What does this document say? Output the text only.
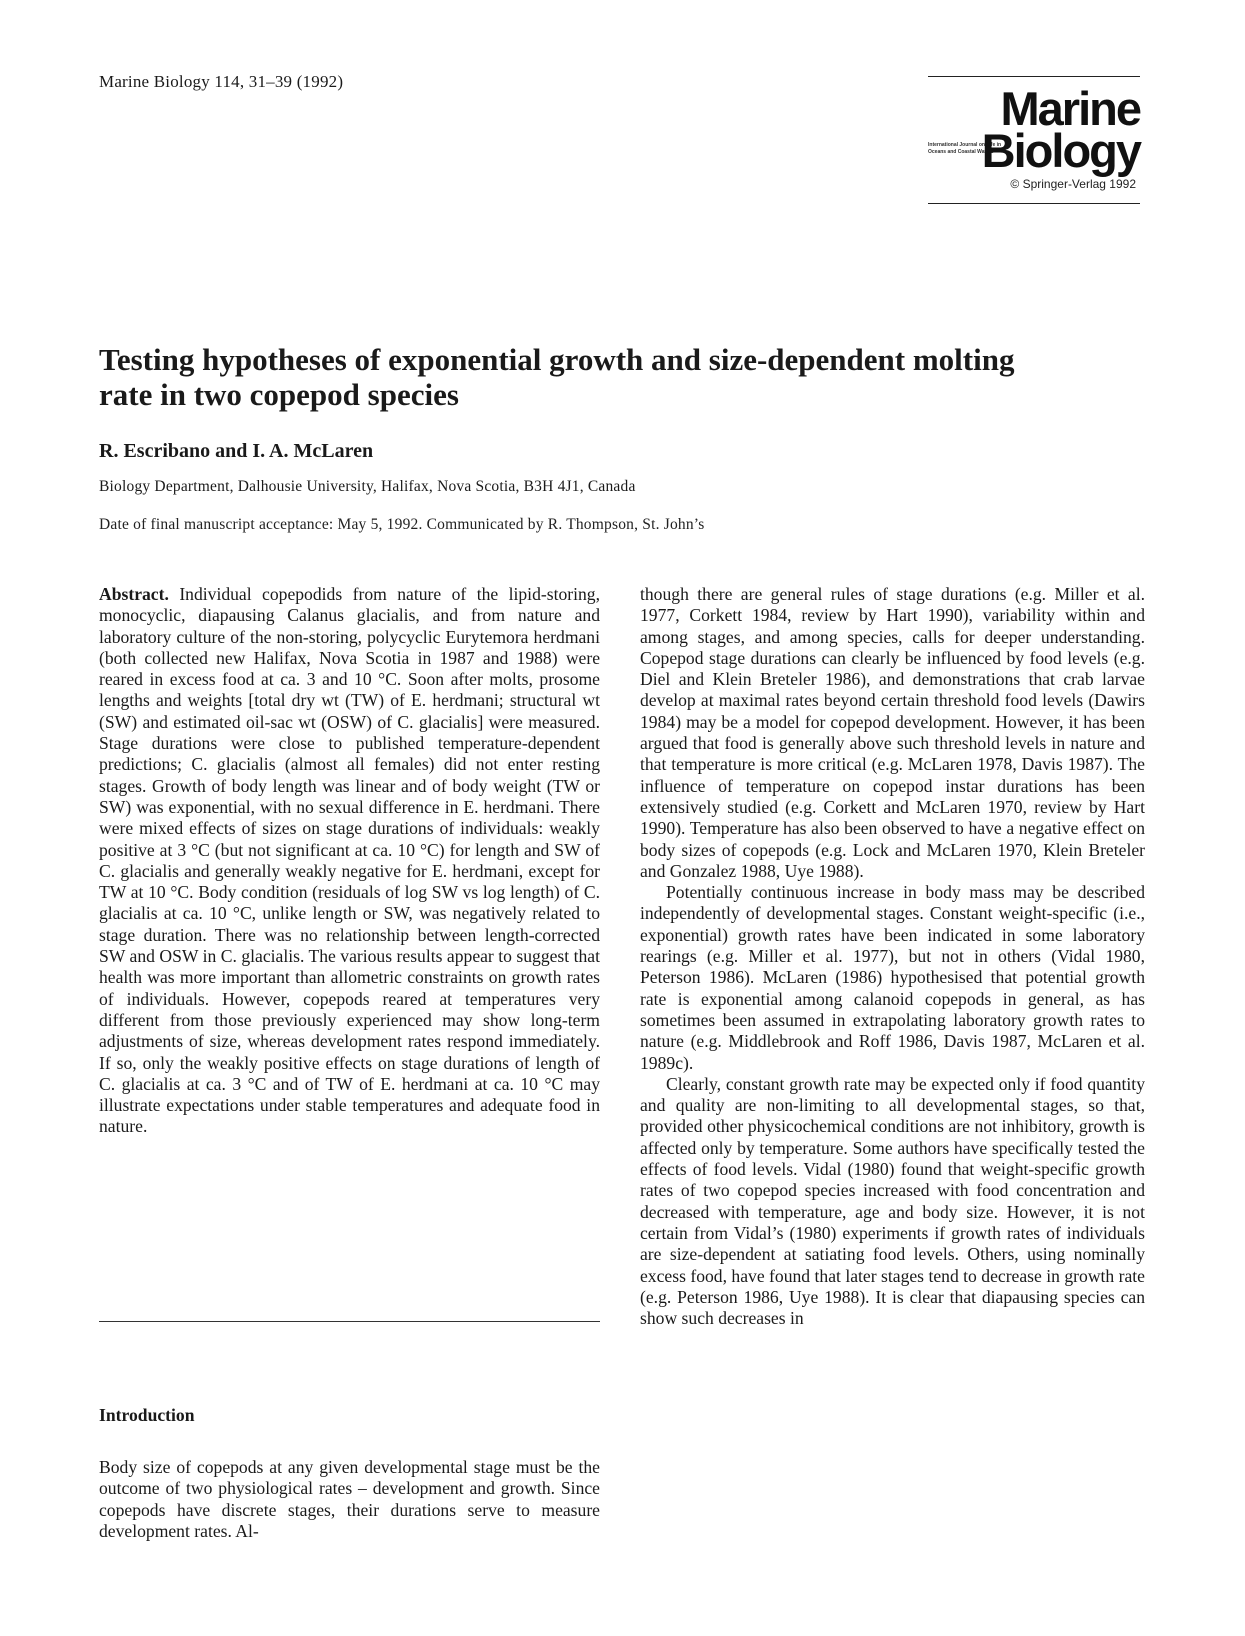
Marine Biology 114, 31–39 (1992)
Marine
International Journal on Life in Oceans and Coastal Waters
Biology
© Springer-Verlag 1992
Testing hypotheses of exponential growth and size-dependent molting rate in two copepod species
R. Escribano and I. A. McLaren
Biology Department, Dalhousie University, Halifax, Nova Scotia, B3H 4J1, Canada
Date of final manuscript acceptance: May 5, 1992. Communicated by R. Thompson, St. John’s

Abstract. Individual copepodids from nature of the lipid-storing, monocyclic, diapausing Calanus glacialis, and from nature and laboratory culture of the non-storing, polycyclic Eurytemora herdmani (both collected new Halifax, Nova Scotia in 1987 and 1988) were reared in excess food at ca. 3 and 10 °C. Soon after molts, prosome lengths and weights [total dry wt (TW) of E. herdmani; structural wt (SW) and estimated oil-sac wt (OSW) of C. glacialis] were measured. Stage durations were close to published temperature-dependent predictions; C. glacialis (almost all females) did not enter resting stages. Growth of body length was linear and of body weight (TW or SW) was exponential, with no sexual difference in E. herdmani. There were mixed effects of sizes on stage durations of individuals: weakly positive at 3 °C (but not significant at ca. 10 °C) for length and SW of C. glacialis and generally weakly negative for E. herdmani, except for TW at 10 °C. Body condition (residuals of log SW vs log length) of C. glacialis at ca. 10 °C, unlike length or SW, was negatively related to stage duration. There was no relationship between length-corrected SW and OSW in C. glacialis. The various results appear to suggest that health was more important than allometric constraints on growth rates of individuals. However, copepods reared at temperatures very different from those previously experienced may show long-term adjustments of size, whereas development rates respond immediately. If so, only the weakly positive effects on stage durations of length of C. glacialis at ca. 3 °C and of TW of E. herdmani at ca. 10 °C may illustrate expectations under stable temperatures and adequate food in nature.

Introduction

Body size of copepods at any given developmental stage must be the outcome of two physiological rates – development and growth. Since copepods have discrete stages, their durations serve to measure development rates. Al-

though there are general rules of stage durations (e.g. Miller et al. 1977, Corkett 1984, review by Hart 1990), variability within and among stages, and among species, calls for deeper understanding. Copepod stage durations can clearly be influenced by food levels (e.g. Diel and Klein Breteler 1986), and demonstrations that crab larvae develop at maximal rates beyond certain threshold food levels (Dawirs 1984) may be a model for copepod development. However, it has been argued that food is generally above such threshold levels in nature and that temperature is more critical (e.g. McLaren 1978, Davis 1987). The influence of temperature on copepod instar durations has been extensively studied (e.g. Corkett and McLaren 1970, review by Hart 1990). Temperature has also been observed to have a negative effect on body sizes of copepods (e.g. Lock and McLaren 1970, Klein Breteler and Gonzalez 1988, Uye 1988).

Potentially continuous increase in body mass may be described independently of developmental stages. Constant weight-specific (i.e., exponential) growth rates have been indicated in some laboratory rearings (e.g. Miller et al. 1977), but not in others (Vidal 1980, Peterson 1986). McLaren (1986) hypothesised that potential growth rate is exponential among calanoid copepods in general, as has sometimes been assumed in extrapolating laboratory growth rates to nature (e.g. Middlebrook and Roff 1986, Davis 1987, McLaren et al. 1989c).

Clearly, constant growth rate may be expected only if food quantity and quality are non-limiting to all developmental stages, so that, provided other physicochemical conditions are not inhibitory, growth is affected only by temperature. Some authors have specifically tested the effects of food levels. Vidal (1980) found that weight-specific growth rates of two copepod species increased with food concentration and decreased with temperature, age and body size. However, it is not certain from Vidal’s (1980) experiments if growth rates of individuals are size-dependent at satiating food levels. Others, using nominally excess food, have found that later stages tend to decrease in growth rate (e.g. Peterson 1986, Uye 1988). It is clear that diapausing species can show such decreases in
